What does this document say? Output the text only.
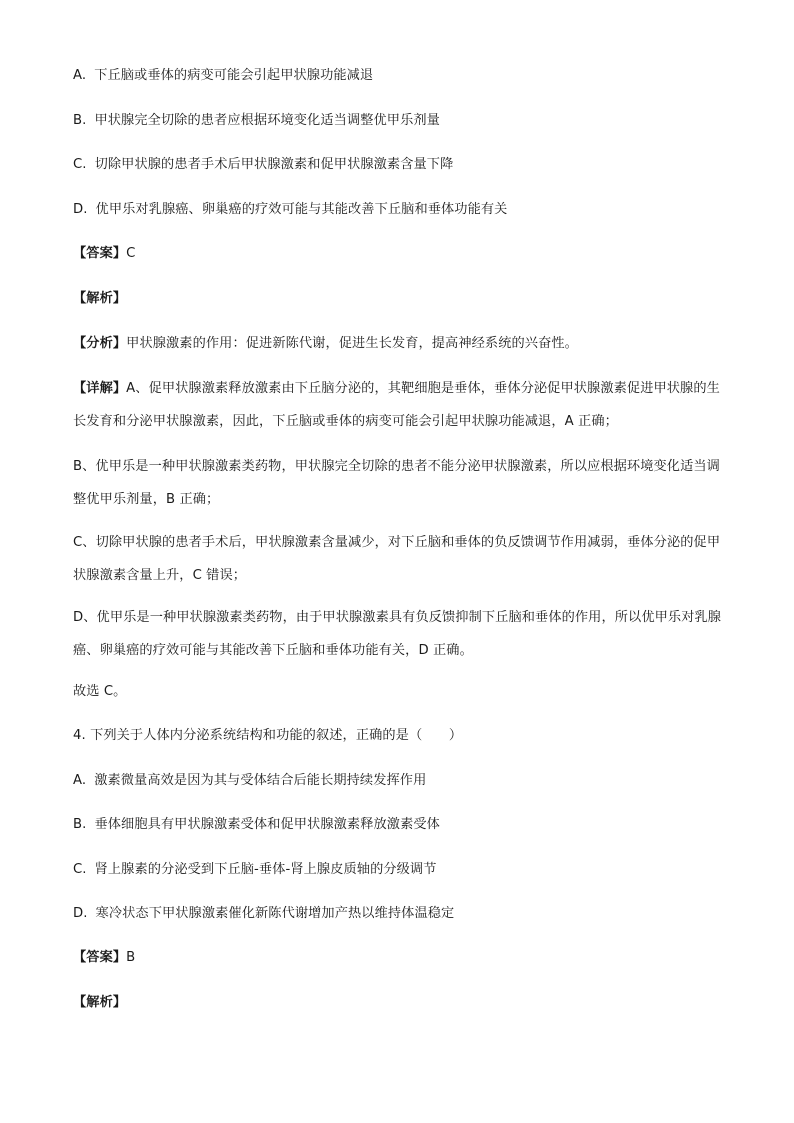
A. 下丘脑或垂体的病变可能会引起甲状腺功能减退
B. 甲状腺完全切除的患者应根据环境变化适当调整优甲乐剂量
C. 切除甲状腺的患者手术后甲状腺激素和促甲状腺激素含量下降
D. 优甲乐对乳腺癌、卵巢癌的疗效可能与其能改善下丘脑和垂体功能有关
【答案】C
【解析】
【分析】甲状腺激素的作用：促进新陈代谢，促进生长发育，提高神经系统的兴奋性。
【详解】A、促甲状腺激素释放激素由下丘脑分泌的，其靶细胞是垂体，垂体分泌促甲状腺激素促进甲状腺的生长发育和分泌甲状腺激素，因此，下丘脑或垂体的病变可能会引起甲状腺功能减退，A 正确；
B、优甲乐是一种甲状腺激素类药物，甲状腺完全切除的患者不能分泌甲状腺激素，所以应根据环境变化适当调整优甲乐剂量，B 正确；
C、切除甲状腺的患者手术后，甲状腺激素含量减少，对下丘脑和垂体的负反馈调节作用减弱，垂体分泌的促甲状腺激素含量上升，C 错误；
D、优甲乐是一种甲状腺激素类药物，由于甲状腺激素具有负反馈抑制下丘脑和垂体的作用，所以优甲乐对乳腺癌、卵巢癌的疗效可能与其能改善下丘脑和垂体功能有关，D 正确。
故选 C。
4. 下列关于人体内分泌系统结构和功能的叙述，正确的是（　　）
A. 激素微量高效是因为其与受体结合后能长期持续发挥作用
B. 垂体细胞具有甲状腺激素受体和促甲状腺激素释放激素受体
C. 肾上腺素的分泌受到下丘脑-垂体-肾上腺皮质轴的分级调节
D. 寒冷状态下甲状腺激素催化新陈代谢增加产热以维持体温稳定
【答案】B
【解析】
